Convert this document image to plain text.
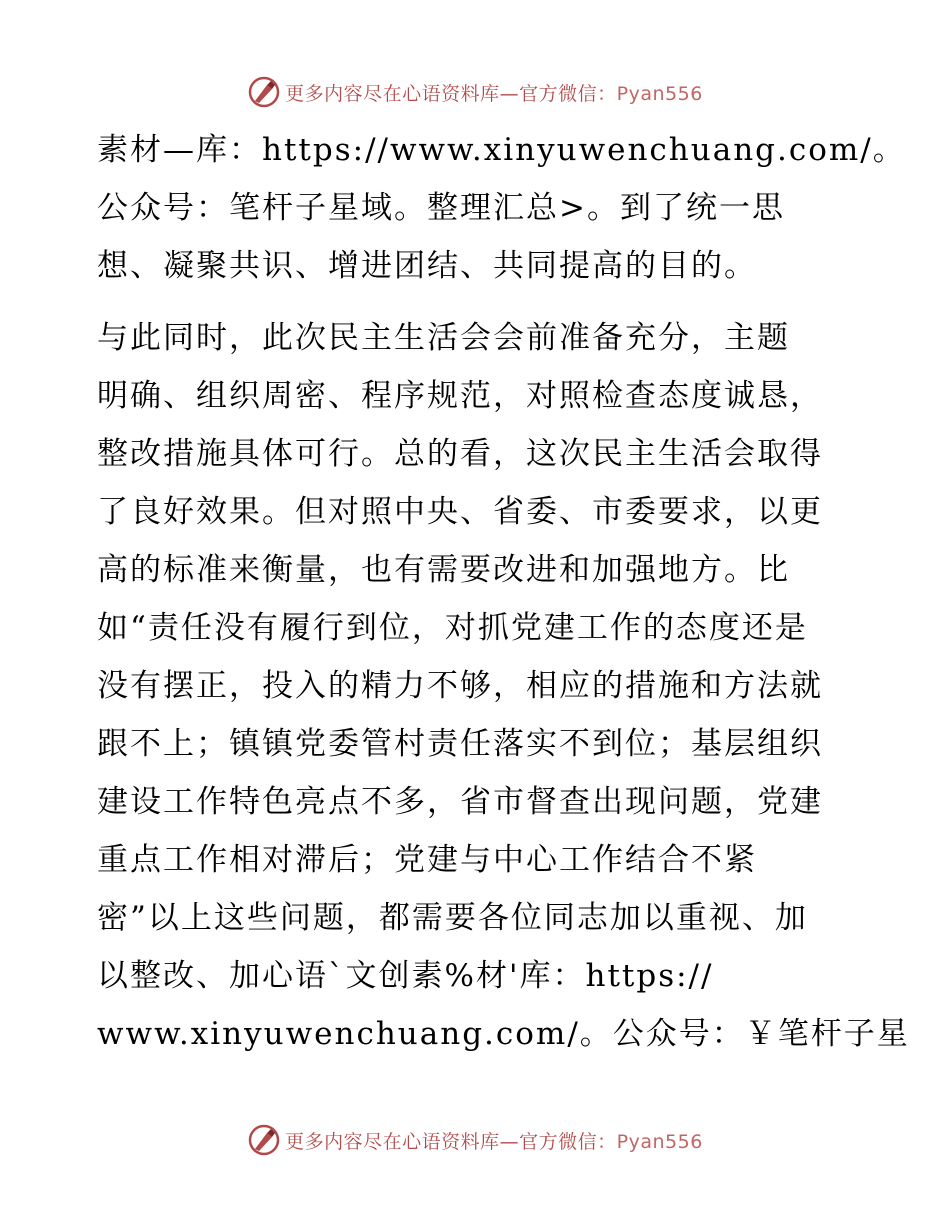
更多内容尽在心语资料库—官方微信：Pyan556
素材—库：https://www.xinyuwenchuang.com/。
公众号：笔杆子星域。整理汇总>。到了统一思
想、凝聚共识、增进团结、共同提高的目的。
与此同时，此次民主生活会会前准备充分，主题
明确、组织周密、程序规范，对照检查态度诚恳，
整改措施具体可行。总的看，这次民主生活会取得
了良好效果。但对照中央、省委、市委要求，以更
高的标准来衡量，也有需要改进和加强地方。比
如“责任没有履行到位，对抓党建工作的态度还是
没有摆正，投入的精力不够，相应的措施和方法就
跟不上；镇镇党委管村责任落实不到位；基层组织
建设工作特色亮点不多，省市督查出现问题，党建
重点工作相对滞后；党建与中心工作结合不紧
密”以上这些问题，都需要各位同志加以重视、加
以整改、加心语`文创素%材'库：https://
www.xinyuwenchuang.com/。公众号：￥笔杆子星
更多内容尽在心语资料库—官方微信：Pyan556
